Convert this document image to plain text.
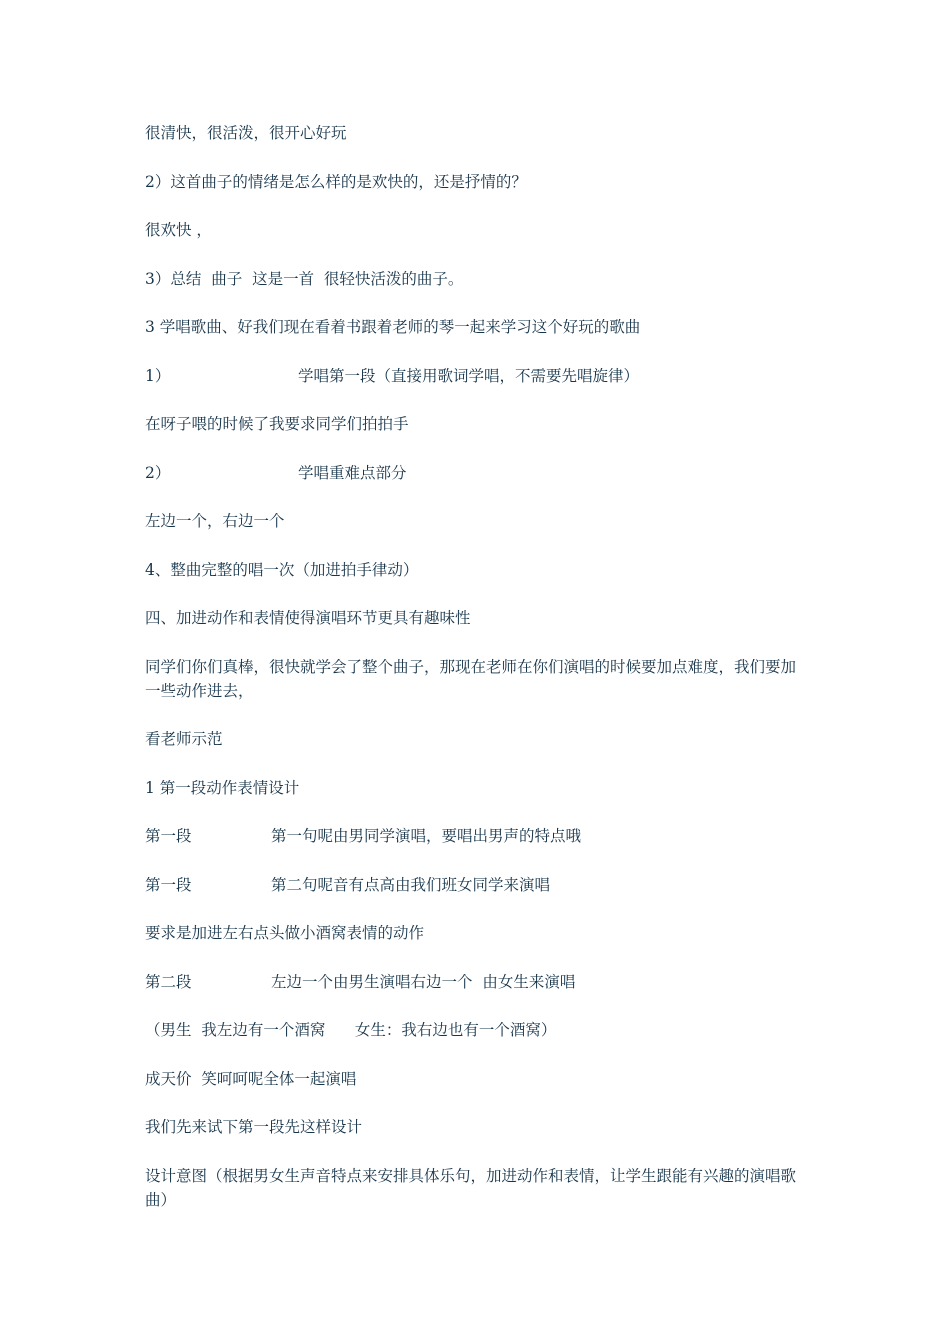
很清快，很活泼，很开心好玩

2）这首曲子的情绪是怎么样的是欢快的，还是抒情的？

很欢快 ，

3）总结  曲子  这是一首  很轻快活泼的曲子。

3 学唱歌曲、好我们现在看着书跟着老师的琴一起来学习这个好玩的歌曲

1）	学唱第一段（直接用歌词学唱，不需要先唱旋律）

在呀子喂的时候了我要求同学们拍拍手

2）	学唱重难点部分

左边一个，右边一个

4、整曲完整的唱一次（加进拍手律动）

四、加进动作和表情使得演唱环节更具有趣味性

同学们你们真棒，很快就学会了整个曲子，那现在老师在你们演唱的时候要加点难度，我们要加一些动作进去，

看老师示范

1 第一段动作表情设计

第一段	第一句呢由男同学演唱，要唱出男声的特点哦

第一段	第二句呢音有点高由我们班女同学来演唱

要求是加进左右点头做小酒窝表情的动作

第二段	左边一个由男生演唱右边一个  由女生来演唱

（男生  我左边有一个酒窝      女生：我右边也有一个酒窝）

成天价  笑呵呵呢全体一起演唱

我们先来试下第一段先这样设计

设计意图（根据男女生声音特点来安排具体乐句，加进动作和表情，让学生跟能有兴趣的演唱歌曲）
